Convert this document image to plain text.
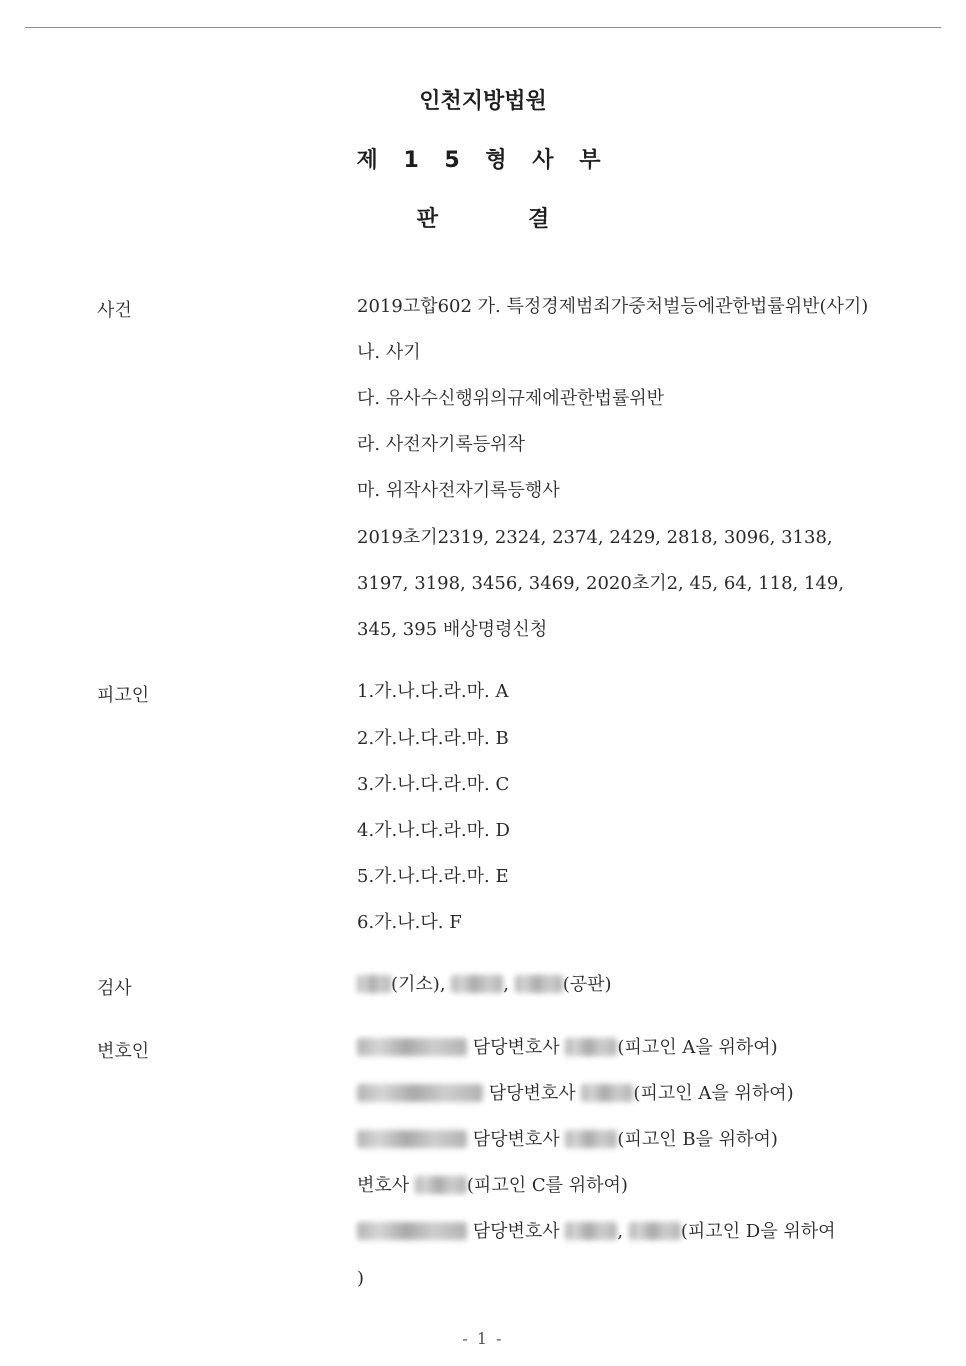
인천지방법원
제 1 5 형 사 부
판	결
사건	2019고합602 가. 특정경제범죄가중처벌등에관한법률위반(사기)
나. 사기
다. 유사수신행위의규제에관한법률위반
라. 사전자기록등위작
마. 위작사전자기록등행사
2019초기2319, 2324, 2374, 2429, 2818, 3096, 3138,
3197, 3198, 3456, 3469, 2020초기2, 45, 64, 118, 149,
345, 395 배상명령신청
피고인	1.가.나.다.라.마. A
2.가.나.다.라.마. B
3.가.나.다.라.마. C
4.가.나.다.라.마. D
5.가.나.다.라.마. E
6.가.나.다. F
검사	(기소),	,	(공판)
변호인	담당변호사	(피고인 A을 위하여)
담당변호사	(피고인 A을 위하여)
담당변호사	(피고인 B을 위하여)
변호사	(피고인 C를 위하여)
담당변호사	,	(피고인 D을 위하여
)
- 1 -
